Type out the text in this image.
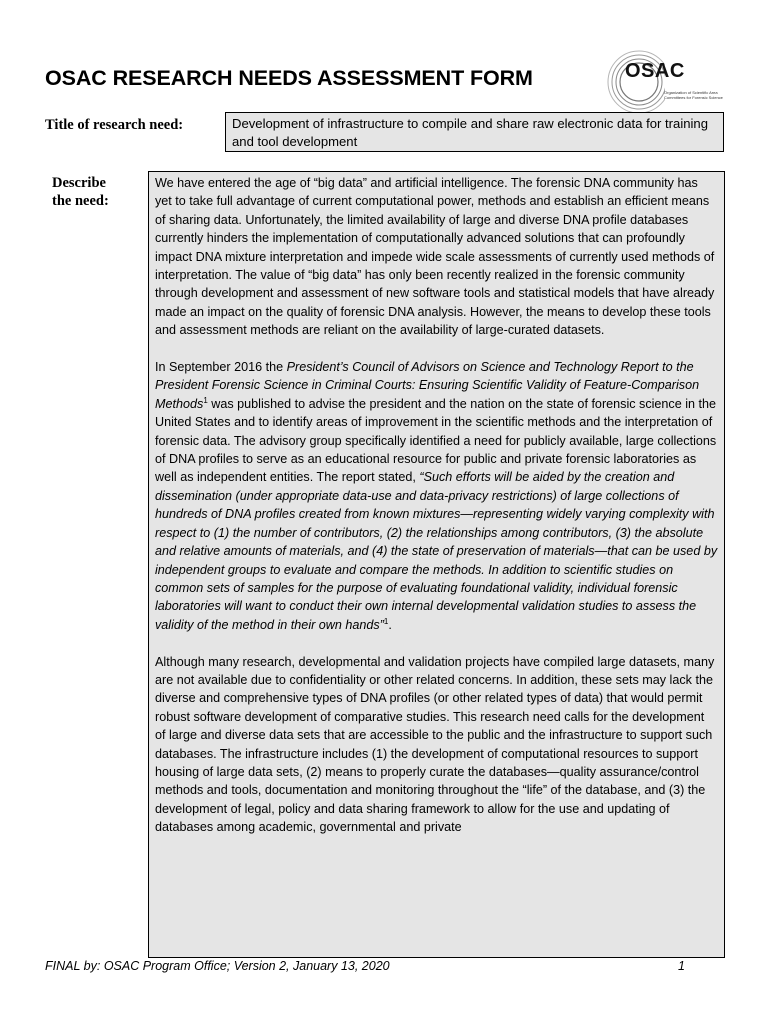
OSAC RESEARCH NEEDS ASSESSMENT FORM	OSAC
Organization of Scientific Area
Committees for Forensic Science
Title of research need:	Development of infrastructure to compile and share raw electronic data for training and tool development
Describe
the need:
We have entered the age of “big data” and artificial intelligence. The forensic DNA community has yet to take full advantage of current computational power, methods and establish an efficient means of sharing data. Unfortunately, the limited availability of large and diverse DNA profile databases currently hinders the implementation of computationally advanced solutions that can profoundly impact DNA mixture interpretation and impede wide scale assessments of currently used methods of interpretation. The value of “big data” has only been recently realized in the forensic community through development and assessment of new software tools and statistical models that have already made an impact on the quality of forensic DNA analysis. However, the means to develop these tools and assessment methods are reliant on the availability of large-curated datasets.
In September 2016 the President’s Council of Advisors on Science and Technology Report to the President Forensic Science in Criminal Courts: Ensuring Scientific Validity of Feature-Comparison Methods$^1$ was published to advise the president and the nation on the state of forensic science in the United States and to identify areas of improvement in the scientific methods and the interpretation of forensic data. The advisory group specifically identified a need for publicly available, large collections of DNA profiles to serve as an educational resource for public and private forensic laboratories as well as independent entities. The report stated, “Such efforts will be aided by the creation and dissemination (under appropriate data-use and data-privacy restrictions) of large collections of hundreds of DNA profiles created from known mixtures—representing widely varying complexity with respect to (1) the number of contributors, (2) the relationships among contributors, (3) the absolute and relative amounts of materials, and (4) the state of preservation of materials—that can be used by independent groups to evaluate and compare the methods. In addition to scientific studies on common sets of samples for the purpose of evaluating foundational validity, individual forensic laboratories will want to conduct their own internal developmental validation studies to assess the validity of the method in their own hands”$^1$.
Although many research, developmental and validation projects have compiled large datasets, many are not available due to confidentiality or other related concerns. In addition, these sets may lack the diverse and comprehensive types of DNA profiles (or other related types of data) that would permit robust software development of comparative studies. This research need calls for the development of large and diverse data sets that are accessible to the public and the infrastructure to support such databases. The infrastructure includes (1) the development of computational resources to support housing of large data sets, (2) means to properly curate the databases—quality assurance/control methods and tools, documentation and monitoring throughout the “life” of the database, and (3) the development of legal, policy and data sharing framework to allow for the use and updating of databases among academic, governmental and private
FINAL by: OSAC Program Office; Version 2, January 13, 2020	1
